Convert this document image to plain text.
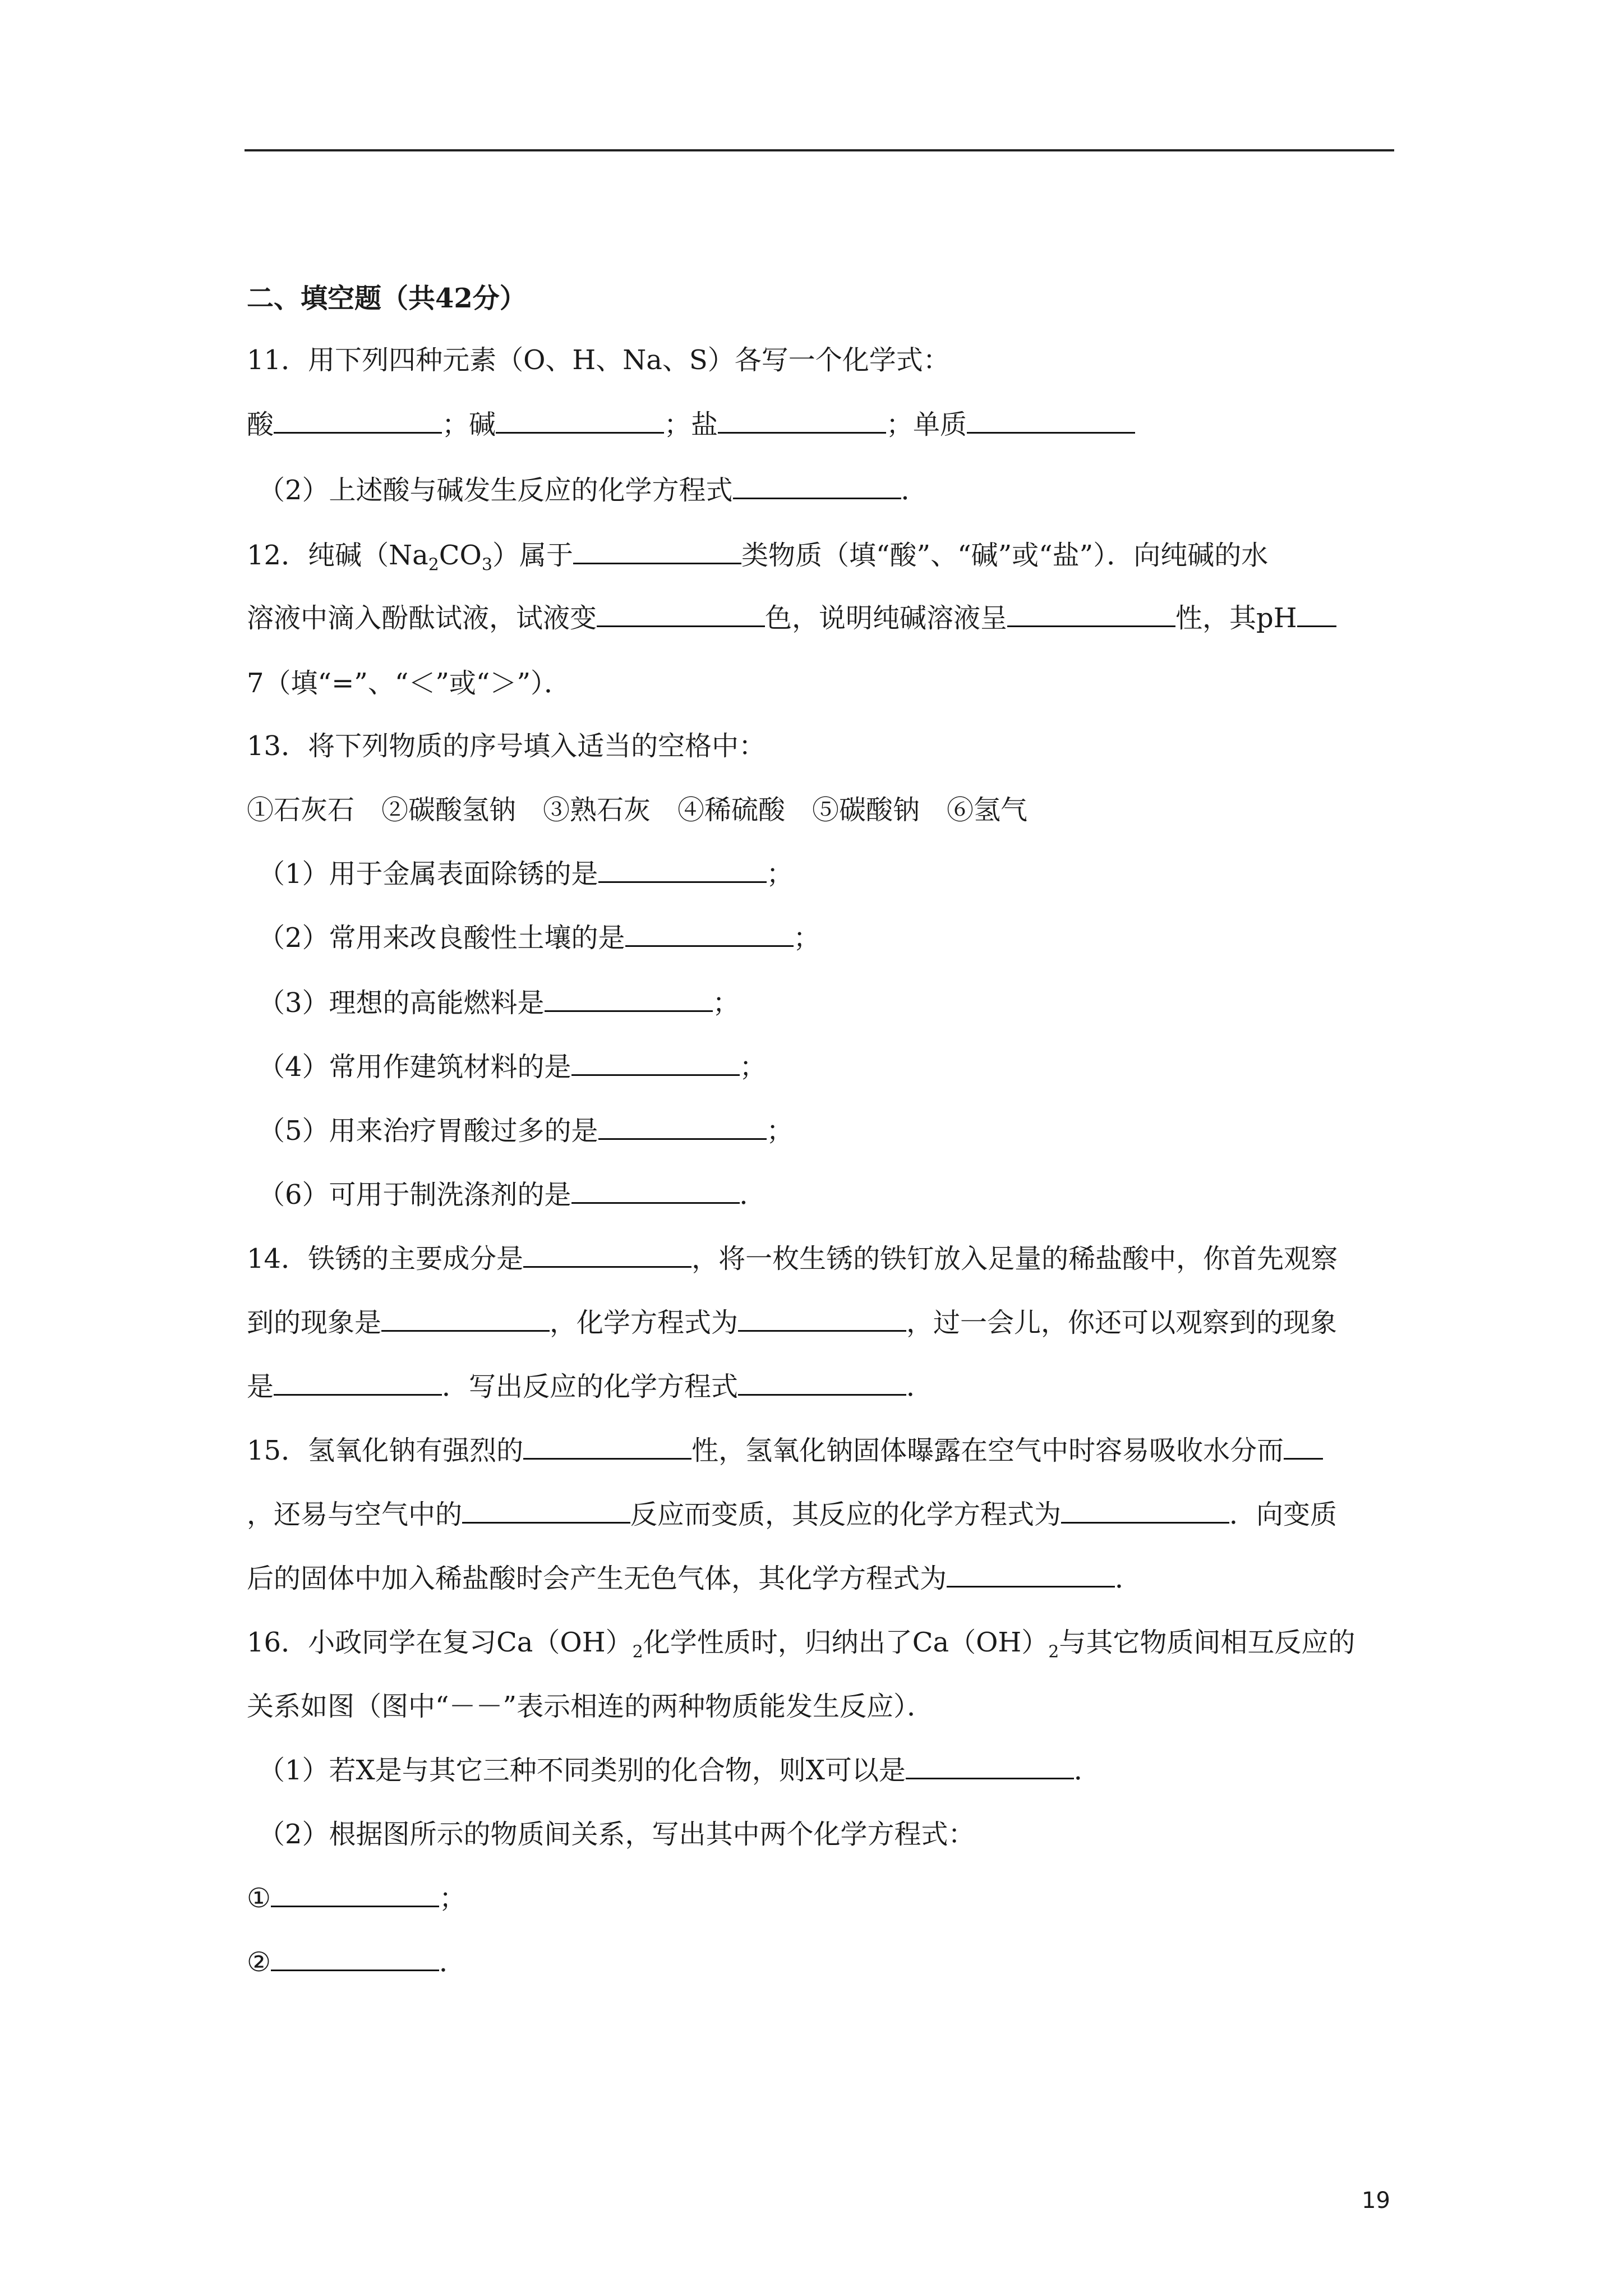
二、填空题（共42分）
11．用下列四种元素（O、H、Na、S）各写一个化学式：
酸	；碱	；盐	；单质
（2）上述酸与碱发生反应的化学方程式	．
12．纯碱$(Na_2CO_3)$属于	类物质（填“酸”、“碱”或“盐”）．向纯碱的水
溶液中滴入酚酞试液，试液变	色，说明纯碱溶液呈	性，其pH
7（填“=”、“＜”或“＞”）．
13．将下列物质的序号填入适当的空格中：
①石灰石　②碳酸氢钠　③熟石灰　④稀硫酸　⑤碳酸钠　⑥氢气
（1）用于金属表面除锈的是	；
（2）常用来改良酸性土壤的是	；
（3）理想的高能燃料是	；
（4）常用作建筑材料的是	；
（5）用来治疗胃酸过多的是	；
（6）可用于制洗涤剂的是	．
14．铁锈的主要成分是	，将一枚生锈的铁钉放入足量的稀盐酸中，你首先观察
到的现象是	，化学方程式为	，过一会儿，你还可以观察到的现象
是	．写出反应的化学方程式	．
15．氢氧化钠有强烈的	性，氢氧化钠固体曝露在空气中时容易吸收水分而
，还易与空气中的	反应而变质，其反应的化学方程式为	．向变质
后的固体中加入稀盐酸时会产生无色气体，其化学方程式为	．
16．小政同学在复习$Ca(OH)_2$化学性质时，归纳出了$Ca(OH)_2$与其它物质间相互反应的
关系如图（图中“－－”表示相连的两种物质能发生反应）．
（1）若X是与其它三种不同类别的化合物，则X可以是	．
（2）根据图所示的物质间关系，写出其中两个化学方程式：
①	；
②	．
19
